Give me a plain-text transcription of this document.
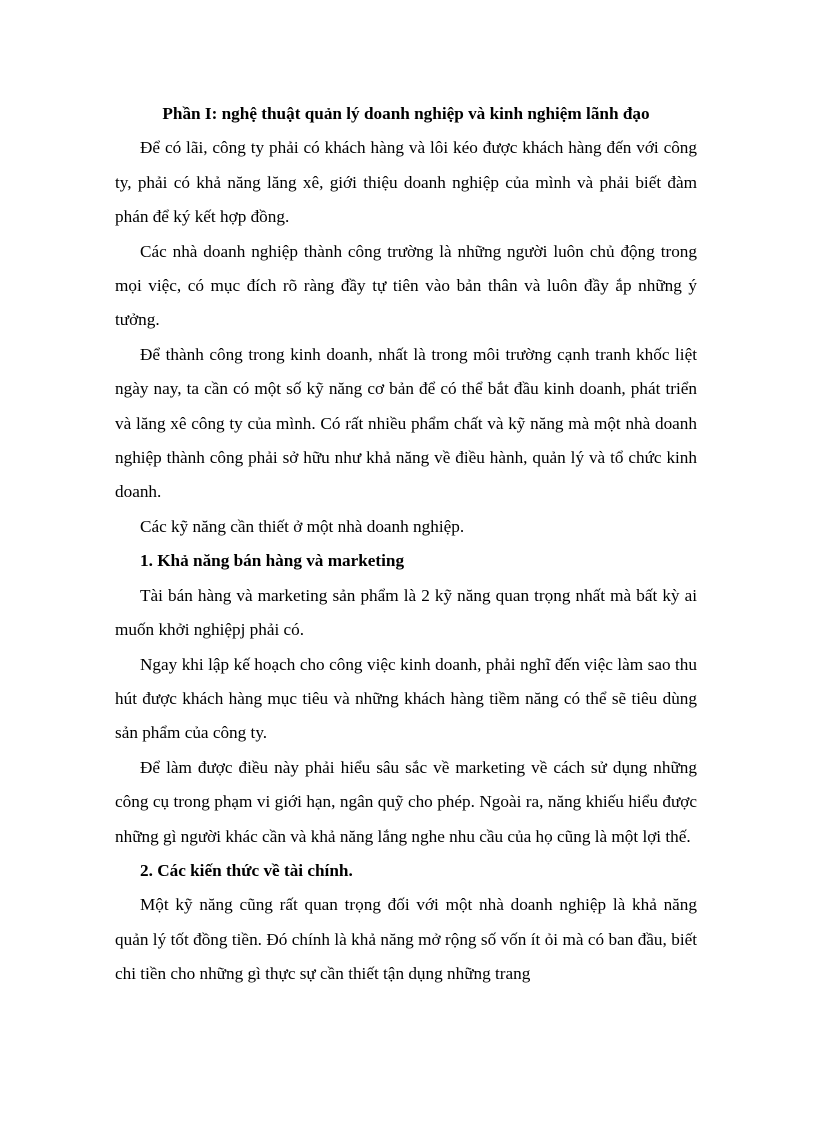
Phần I: nghệ thuật quản lý doanh nghiệp và kinh nghiệm lãnh đạo

Để có lãi, công ty phải có khách hàng và lôi kéo được khách hàng đến với công ty, phải có khả năng lăng xê, giới thiệu doanh nghiệp của mình và phải biết đàm phán để ký kết hợp đồng.

Các nhà doanh nghiệp thành công trường là những người luôn chủ động trong mọi việc, có mục đích rõ ràng đầy tự tiên vào bản thân và luôn đầy ắp những ý tưởng.

Để thành công trong kinh doanh, nhất là trong môi trường cạnh tranh khốc liệt ngày nay, ta cần có một số kỹ năng cơ bản để có thể bắt đầu kinh doanh, phát triển và lăng xê công ty của mình. Có rất nhiều phẩm chất và kỹ năng mà một nhà doanh nghiệp thành công phải sở hữu như khả năng về điều hành, quản lý và tổ chức kinh doanh.

Các kỹ năng cần thiết ở một nhà doanh nghiệp.

1. Khả năng bán hàng và marketing

Tài bán hàng và marketing sản phẩm là 2 kỹ năng quan trọng nhất mà bất kỳ ai muốn khởi nghiệpj phải có.

Ngay khi lập kế hoạch cho công việc kinh doanh, phải nghĩ đến việc làm sao thu hút được khách hàng mục tiêu và những khách hàng tiềm năng có thể sẽ tiêu dùng sản phẩm của công ty.

Để làm được điều này phải hiểu sâu sắc về marketing về cách sử dụng những công cụ trong phạm vi giới hạn, ngân quỹ cho phép. Ngoài ra, năng khiếu hiểu được những gì người khác cần và khả năng lắng nghe nhu cầu của họ cũng là một lợi thế.

2. Các kiến thức về tài chính.

Một kỹ năng cũng rất quan trọng đối với một nhà doanh nghiệp là khả năng quản lý tốt đồng tiền. Đó chính là khả năng mở rộng số vốn ít ỏi mà có ban đầu, biết chi tiền cho những gì thực sự cần thiết tận dụng những trang
